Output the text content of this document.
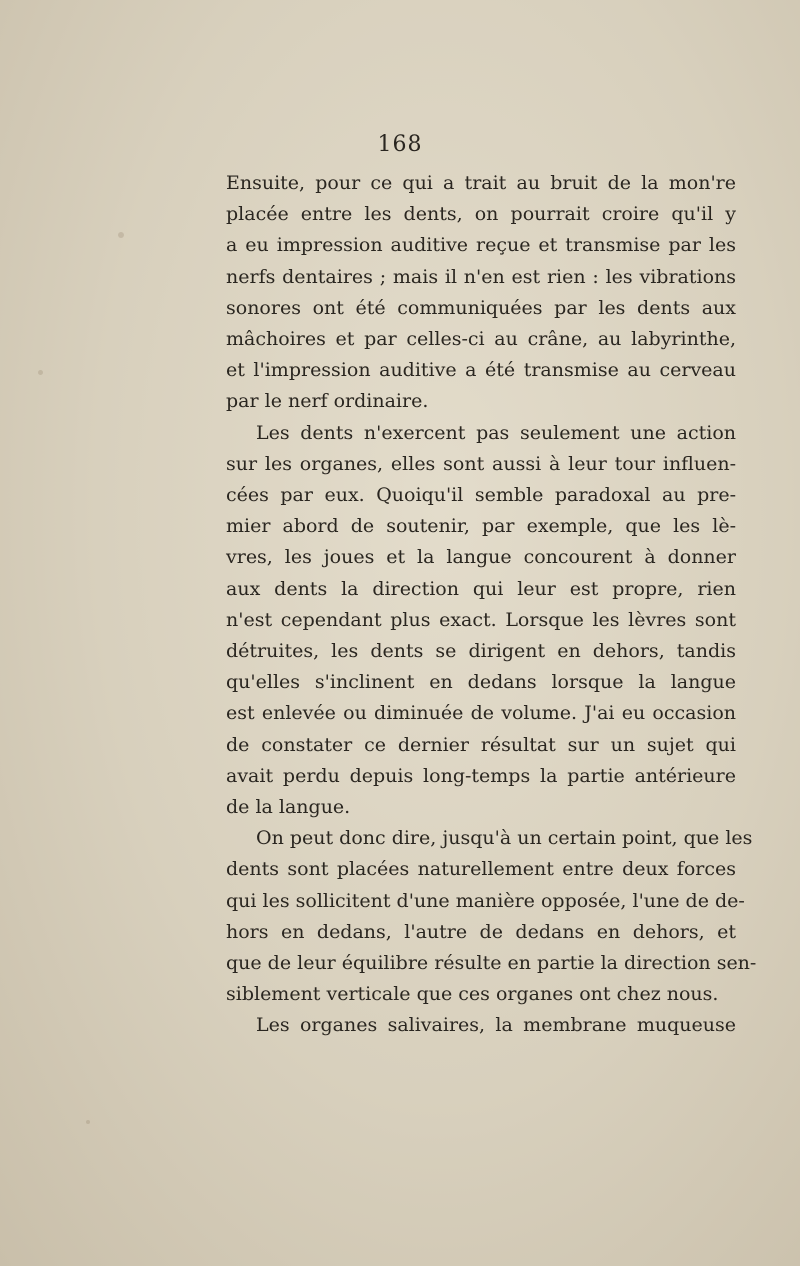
168
Ensuite, pour ce qui a trait au bruit de la mon're
placée entre les dents, on pourrait croire qu'il y
a eu impression auditive reçue et transmise par les
nerfs dentaires ; mais il n'en est rien : les vibrations
sonores ont été communiquées par les dents aux
mâchoires et par celles-ci au crâne, au labyrinthe,
et l'impression auditive a été transmise au cerveau
par le nerf ordinaire.
Les dents n'exercent pas seulement une action
sur les organes, elles sont aussi à leur tour influen-
cées par eux. Quoiqu'il semble paradoxal au pre-
mier abord de soutenir, par exemple, que les lè-
vres, les joues et la langue concourent à donner
aux dents la direction qui leur est propre, rien
n'est cependant plus exact. Lorsque les lèvres sont
détruites, les dents se dirigent en dehors, tandis
qu'elles s'inclinent en dedans lorsque la langue
est enlevée ou diminuée de volume. J'ai eu occasion
de constater ce dernier résultat sur un sujet qui
avait perdu depuis long-temps la partie antérieure
de la langue.
On peut donc dire, jusqu'à un certain point, que les
dents sont placées naturellement entre deux forces
qui les sollicitent d'une manière opposée, l'une de de-
hors en dedans, l'autre de dedans en dehors, et
que de leur équilibre résulte en partie la direction sen-
siblement verticale que ces organes ont chez nous.
Les organes salivaires, la membrane muqueuse
